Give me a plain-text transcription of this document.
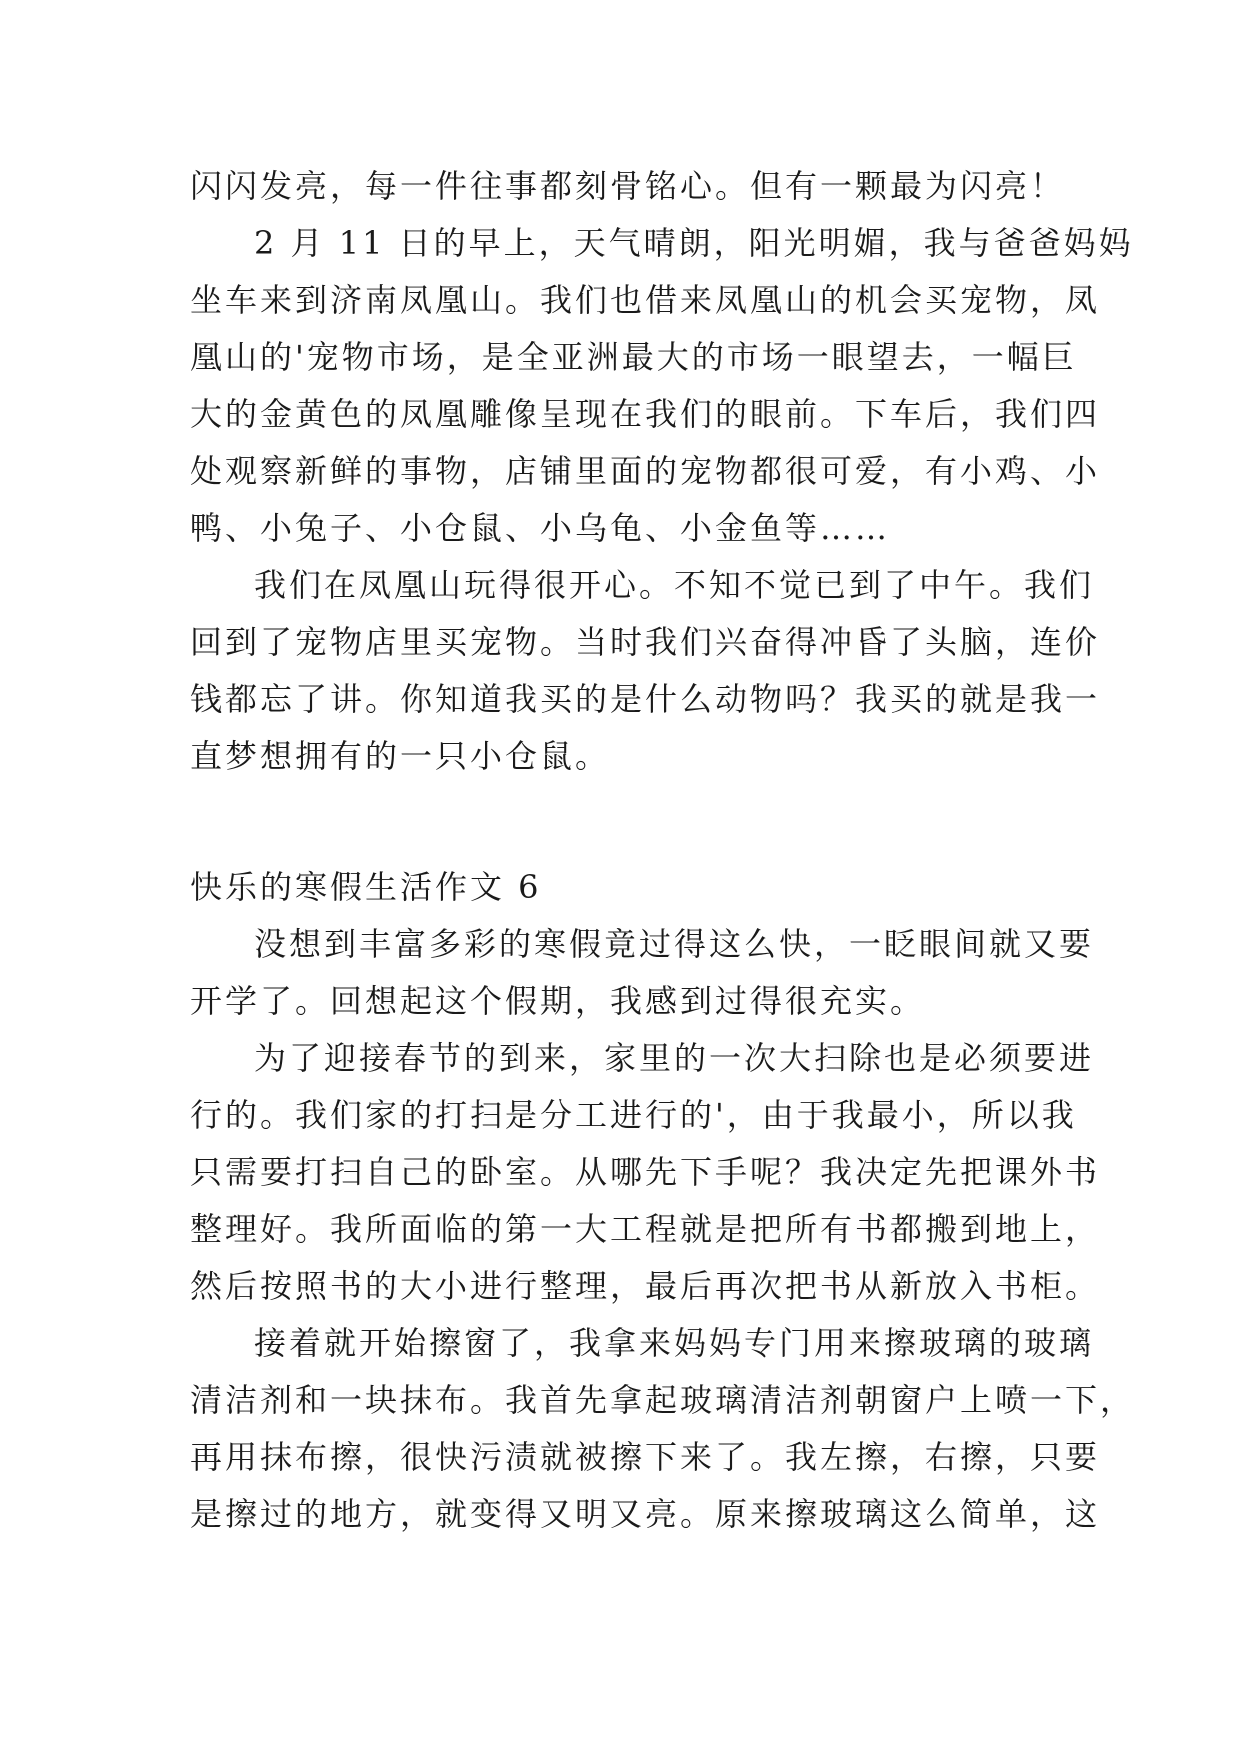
闪闪发亮，每一件往事都刻骨铭心。但有一颗最为闪亮！
2 月 11 日的早上，天气晴朗，阳光明媚，我与爸爸妈妈
坐车来到济南凤凰山。我们也借来凤凰山的机会买宠物，凤
凰山的'宠物市场，是全亚洲最大的市场一眼望去，一幅巨
大的金黄色的凤凰雕像呈现在我们的眼前。下车后，我们四
处观察新鲜的事物，店铺里面的宠物都很可爱，有小鸡、小
鸭、小兔子、小仓鼠、小乌龟、小金鱼等……
我们在凤凰山玩得很开心。不知不觉已到了中午。我们
回到了宠物店里买宠物。当时我们兴奋得冲昏了头脑，连价
钱都忘了讲。你知道我买的是什么动物吗？我买的就是我一
直梦想拥有的一只小仓鼠。
快乐的寒假生活作文 6
没想到丰富多彩的寒假竟过得这么快，一眨眼间就又要
开学了。回想起这个假期，我感到过得很充实。
为了迎接春节的到来，家里的一次大扫除也是必须要进
行的。我们家的打扫是分工进行的'，由于我最小，所以我
只需要打扫自己的卧室。从哪先下手呢？我决定先把课外书
整理好。我所面临的第一大工程就是把所有书都搬到地上，
然后按照书的大小进行整理，最后再次把书从新放入书柜。
接着就开始擦窗了，我拿来妈妈专门用来擦玻璃的玻璃
清洁剂和一块抹布。我首先拿起玻璃清洁剂朝窗户上喷一下，
再用抹布擦，很快污渍就被擦下来了。我左擦，右擦，只要
是擦过的地方，就变得又明又亮。原来擦玻璃这么简单，这
